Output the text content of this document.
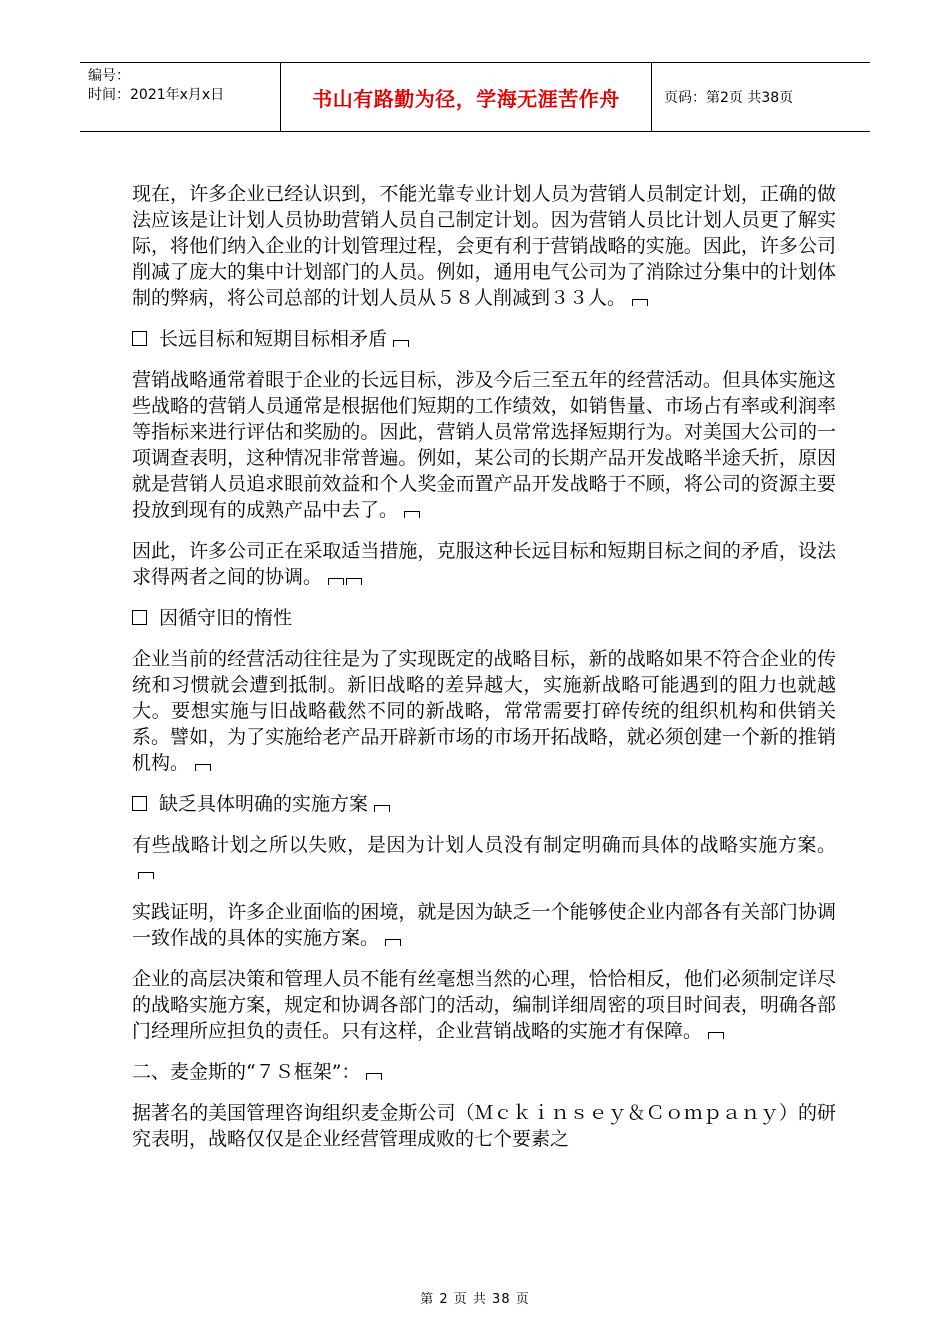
编号：
时间：2021年x月x日	书山有路勤为径，学海无涯苦作舟	页码：第2页 共38页

现在，许多企业已经认识到，不能光靠专业计划人员为营销人员制定计划，正确的做法应该是让计划人员协助营销人员自己制定计划。因为营销人员比计划人员更了解实际，将他们纳入企业的计划管理过程，会更有利于营销战略的实施。因此，许多公司削减了庞大的集中计划部门的人员。例如，通用电气公司为了消除过分集中的计划体制的弊病，将公司总部的计划人员从５８人削减到３３人。

长远目标和短期目标相矛盾

营销战略通常着眼于企业的长远目标，涉及今后三至五年的经营活动。但具体实施这些战略的营销人员通常是根据他们短期的工作绩效，如销售量、市场占有率或利润率等指标来进行评估和奖励的。因此，营销人员常常选择短期行为。对美国大公司的一项调查表明，这种情况非常普遍。例如，某公司的长期产品开发战略半途夭折，原因就是营销人员追求眼前效益和个人奖金而置产品开发战略于不顾，将公司的资源主要投放到现有的成熟产品中去了。

因此，许多公司正在采取适当措施，克服这种长远目标和短期目标之间的矛盾，设法求得两者之间的协调。

因循守旧的惰性

企业当前的经营活动往往是为了实现既定的战略目标，新的战略如果不符合企业的传统和习惯就会遭到抵制。新旧战略的差异越大，实施新战略可能遇到的阻力也就越大。要想实施与旧战略截然不同的新战略，常常需要打碎传统的组织机构和供销关系。譬如，为了实施给老产品开辟新市场的市场开拓战略，就必须创建一个新的推销机构。

缺乏具体明确的实施方案

有些战略计划之所以失败，是因为计划人员没有制定明确而具体的战略实施方案。

实践证明，许多企业面临的困境，就是因为缺乏一个能够使企业内部各有关部门协调一致作战的具体的实施方案。

企业的高层决策和管理人员不能有丝毫想当然的心理，恰恰相反，他们必须制定详尽的战略实施方案，规定和协调各部门的活动，编制详细周密的项目时间表，明确各部门经理所应担负的责任。只有这样，企业营销战略的实施才有保障。

二、麦金斯的“７Ｓ框架”：

据著名的美国管理咨询组织麦金斯公司（Ｍｃｋｉｎｓｅｙ＆Ｃｏｍｐａｎｙ）的研究表明，战略仅仅是企业经营管理成败的七个要素之

第 2 页 共 38 页
